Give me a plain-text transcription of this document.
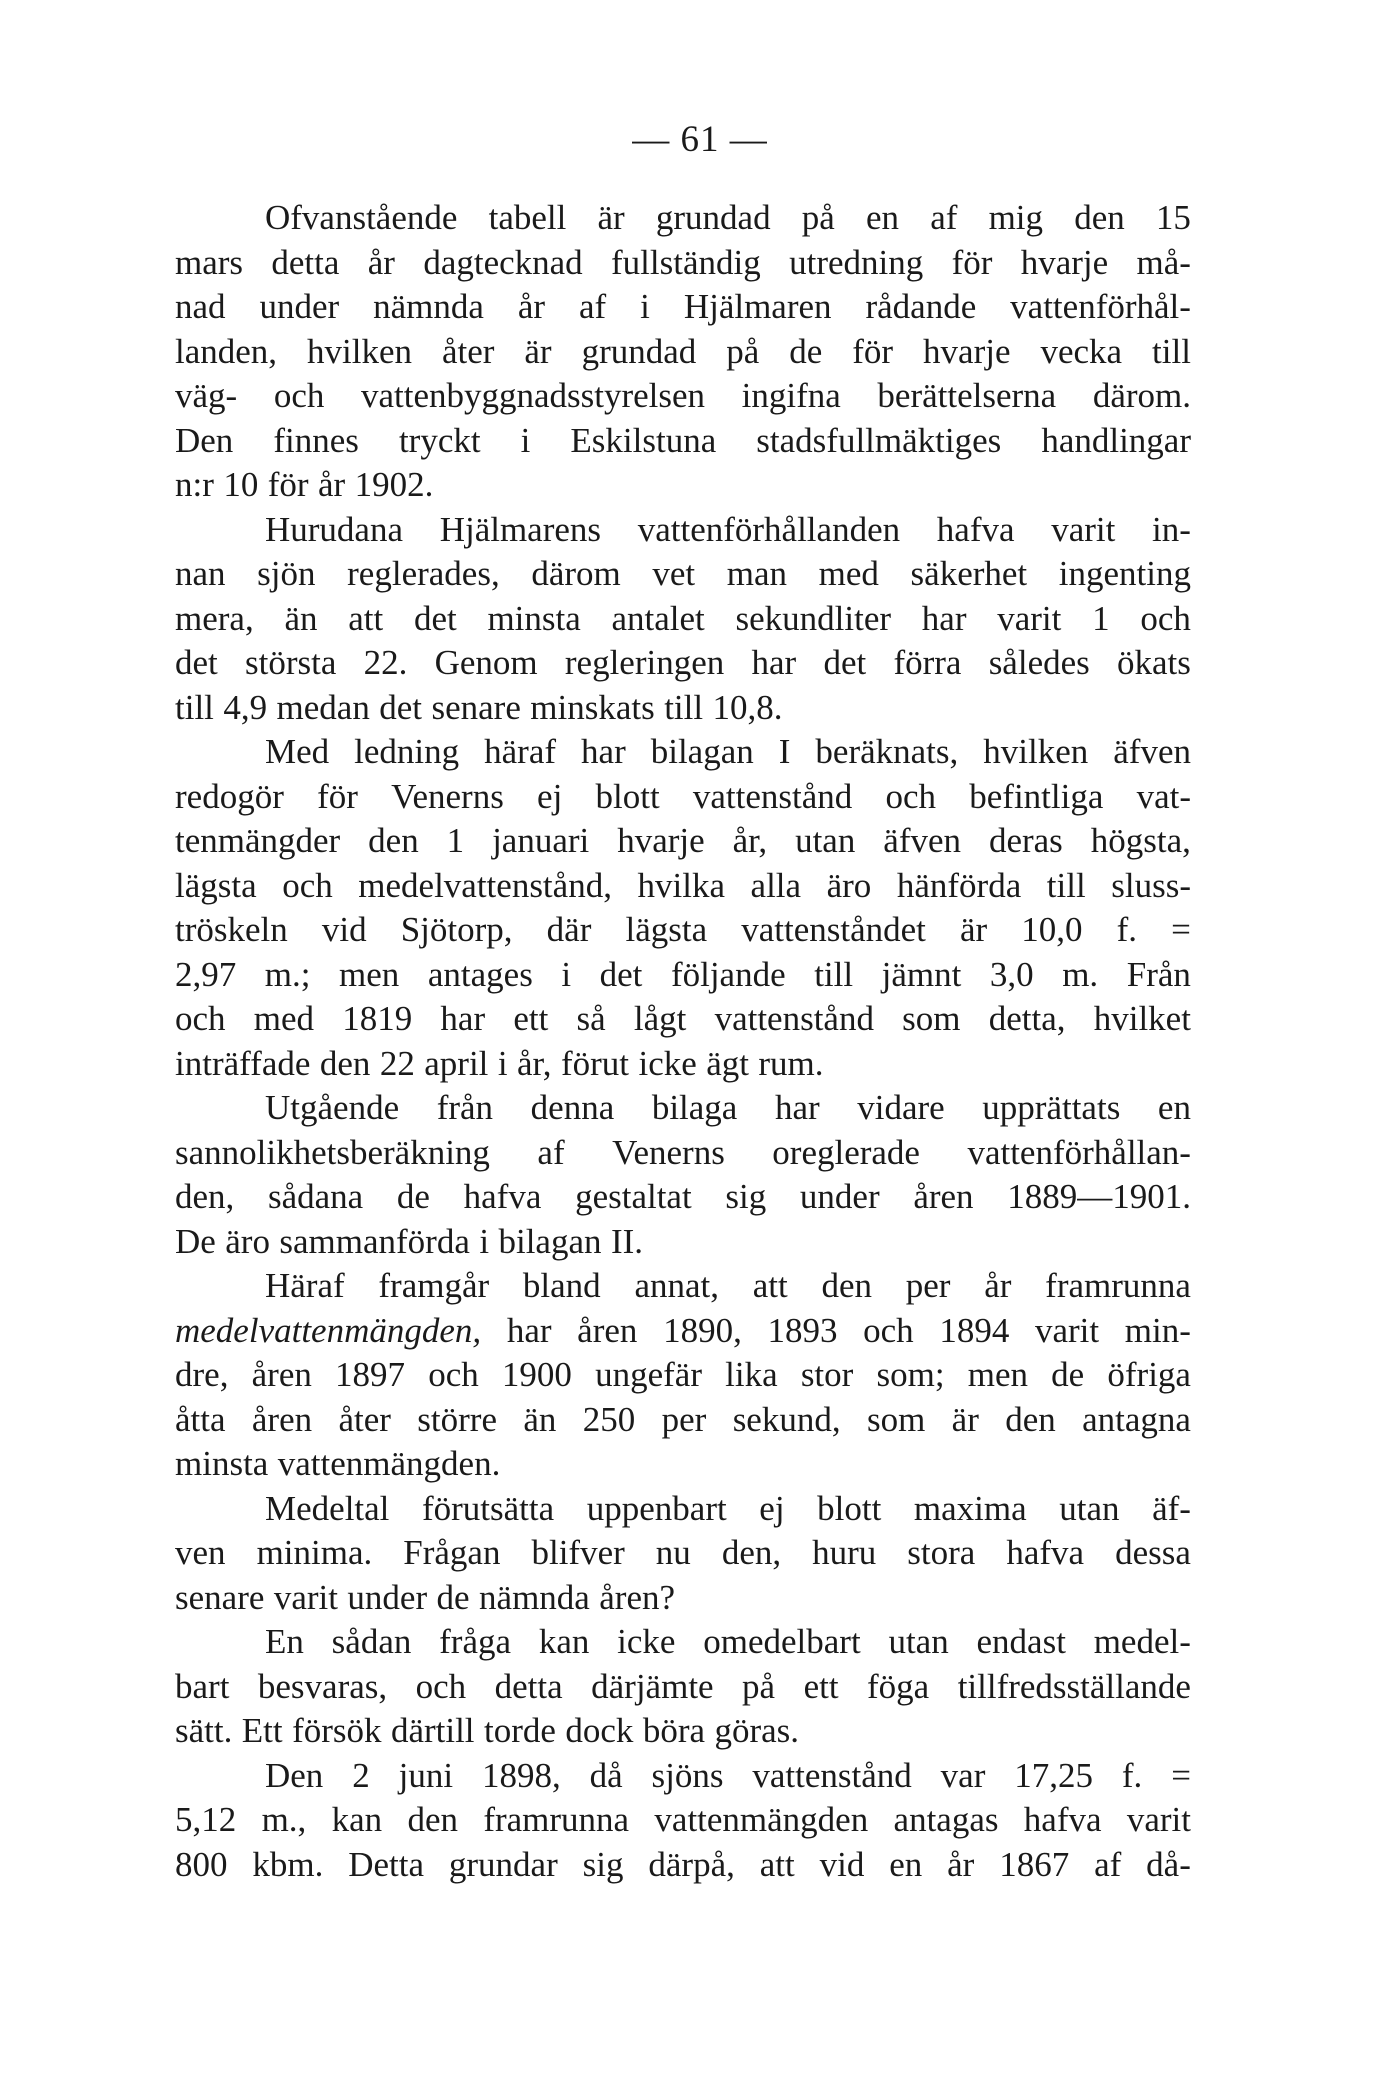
— 61 —
Ofvanstående tabell är grundad på en af mig den 15
mars detta år dagtecknad fullständig utredning för hvarje må-
nad under nämnda år af i Hjälmaren rådande vattenförhål-
landen, hvilken åter är grundad på de för hvarje vecka till
väg- och vattenbyggnadsstyrelsen ingifna berättelserna därom.
Den finnes tryckt i Eskilstuna stadsfullmäktiges handlingar
n:r 10 för år 1902.
Hurudana Hjälmarens vattenförhållanden hafva varit in-
nan sjön reglerades, därom vet man med säkerhet ingenting
mera, än att det minsta antalet sekundliter har varit 1 och
det största 22. Genom regleringen har det förra således ökats
till 4,9 medan det senare minskats till 10,8.
Med ledning häraf har bilagan I beräknats, hvilken äfven
redogör för Venerns ej blott vattenstånd och befintliga vat-
tenmängder den 1 januari hvarje år, utan äfven deras högsta,
lägsta och medelvattenstånd, hvilka alla äro hänförda till sluss-
tröskeln vid Sjötorp, där lägsta vattenståndet är 10,0 f. =
2,97 m.; men antages i det följande till jämnt 3,0 m. Från
och med 1819 har ett så lågt vattenstånd som detta, hvilket
inträffade den 22 april i år, förut icke ägt rum.
Utgående från denna bilaga har vidare upprättats en
sannolikhetsberäkning af Venerns oreglerade vattenförhållan-
den, sådana de hafva gestaltat sig under åren 1889—1901.
De äro sammanförda i bilagan II.
Häraf framgår bland annat, att den per år framrunna
medelvattenmängden, har åren 1890, 1893 och 1894 varit min-
dre, åren 1897 och 1900 ungefär lika stor som; men de öfriga
åtta åren åter större än 250 per sekund, som är den antagna
minsta vattenmängden.
Medeltal förutsätta uppenbart ej blott maxima utan äf-
ven minima. Frågan blifver nu den, huru stora hafva dessa
senare varit under de nämnda åren?
En sådan fråga kan icke omedelbart utan endast medel-
bart besvaras, och detta därjämte på ett föga tillfredsställande
sätt. Ett försök därtill torde dock böra göras.
Den 2 juni 1898, då sjöns vattenstånd var 17,25 f. =
5,12 m., kan den framrunna vattenmängden antagas hafva varit
800 kbm. Detta grundar sig därpå, att vid en år 1867 af då-
